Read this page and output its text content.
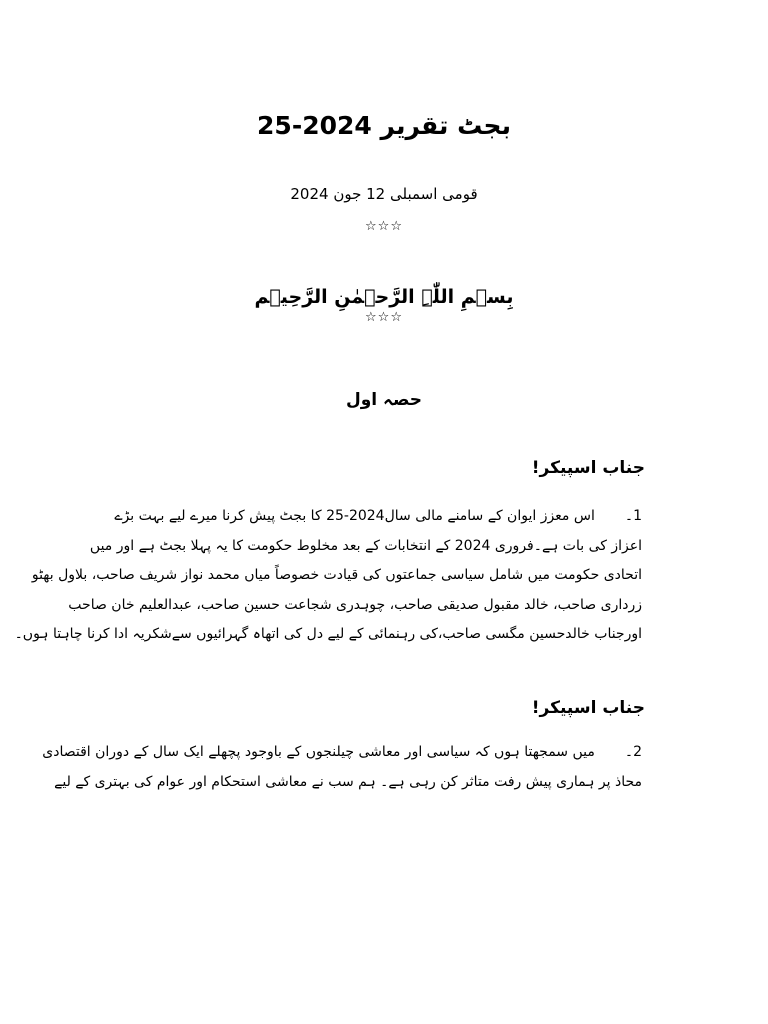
بجٹ تقریر 2024-25
قومی اسمبلی 12 جون 2024
☆☆☆
بِسۡمِ اللّٰہِ الرَّحۡمٰنِ الرَّحِیۡم
☆☆☆
حصہ اول
جناب اسپیکر!
1۔اس معزز ایوان کے سامنے مالی سال2024-25 کا بجٹ پیش کرنا میرے لیے بہت بڑے
اعزاز کی بات ہے۔فروری 2024 کے انتخابات کے بعد مخلوط حکومت کا یہ پہلا بجٹ ہے اور میں
اتحادی حکومت میں شامل سیاسی جماعتوں کی قیادت خصوصاً میاں محمد نواز شریف صاحب، بلاول بھٹو
زرداری صاحب، خالد مقبول صدیقی صاحب، چوہدری شجاعت حسین صاحب، عبدالعلیم خان صاحب
اورجناب خالدحسین مگسی صاحب،کی رہنمائی کے لیے دل کی اتھاہ گہرائیوں سےشکریہ ادا کرنا چاہتا ہوں۔
جناب اسپیکر!
2۔میں سمجھتا ہوں کہ سیاسی اور معاشی چیلنجوں کے باوجود پچھلے ایک سال کے دوران اقتصادی
محاذ پر ہماری پیش رفت متاثر کن رہی ہے۔ ہم سب نے معاشی استحکام اور عوام کی بہتری کے لیے
